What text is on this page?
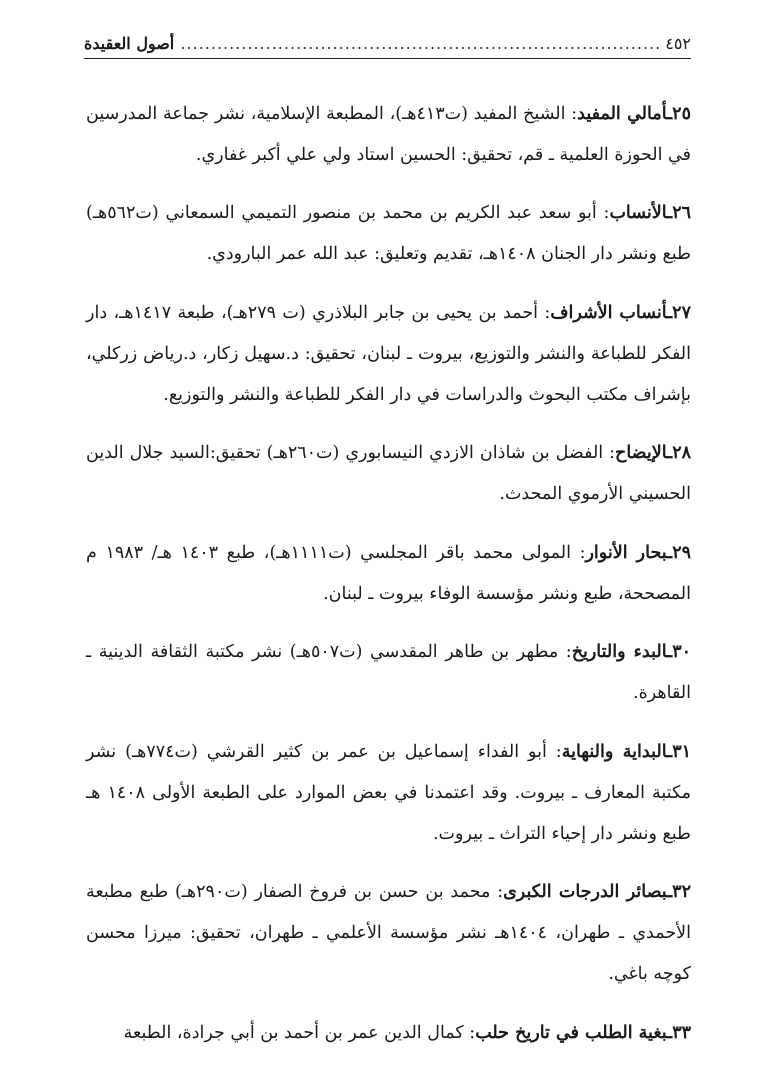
٤٥٢
.....
أصول العقيدة

٢٥ـأمالي المفيد: الشيخ المفيد (ت٤١٣هـ)، المطبعة الإسلامية، نشر جماعة المدرسين في الحوزة العلمية ـ قم، تحقيق: الحسين استاد ولي علي أكبر غفاري.

٢٦ـالأنساب: أبو سعد عبد الكريم بن محمد بن منصور التميمي السمعاني (ت٥٦٢هـ) طبع ونشر دار الجنان ١٤٠٨هـ، تقديم وتعليق: عبد الله عمر البارودي.

٢٧ـأنساب الأشراف: أحمد بن يحيى بن جابر البلاذري (ت ٢٧٩هـ)، طبعة ١٤١٧هـ، دار الفكر للطباعة والنشر والتوزيع، بيروت ـ لبنان، تحقيق: د.سهيل زكار، د.رياض زركلي، بإشراف مكتب البحوث والدراسات في دار الفكر للطباعة والنشر والتوزيع.

٢٨ـالإيضاح: الفضل بن شاذان الازدي النيسابوري (ت٢٦٠هـ) تحقيق:السيد جلال الدين الحسيني الأرموي المحدث.

٢٩ـبحار الأنوار: المولى محمد باقر المجلسي (ت١١١١هـ)، طبع ١٤٠٣ هـ/ ١٩٨٣ م المصححة، طبع ونشر مؤسسة الوفاء بيروت ـ لبنان.

٣٠ـالبدء والتاريخ: مطهر بن طاهر المقدسي (ت٥٠٧هـ) نشر مكتبة الثقافة الدينية ـ القاهرة.

٣١ـالبداية والنهاية: أبو الفداء إسماعيل بن عمر بن كثير القرشي (ت٧٧٤هـ) نشر مكتبة المعارف ـ بيروت. وقد اعتمدنا في بعض الموارد على الطبعة الأولى ١٤٠٨ هـ طبع ونشر دار إحياء التراث ـ بيروت.

٣٢ـبصائر الدرجات الكبرى: محمد بن حسن بن فروخ الصفار (ت٢٩٠هـ) طبع مطبعة الأحمدي ـ طهران، ١٤٠٤هـ نشر مؤسسة الأعلمي ـ طهران، تحقيق: ميرزا محسن كوچه باغي.

٣٣ـبغية الطلب في تاريخ حلب: كمال الدين عمر بن أحمد بن أبي جرادة، الطبعة
